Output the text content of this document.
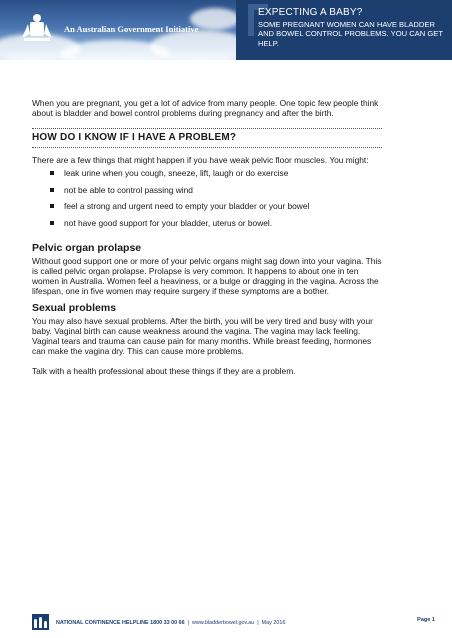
An Australian Government Initiative
EXPECTING A BABY?
SOME PREGNANT WOMEN CAN HAVE BLADDER AND BOWEL CONTROL PROBLEMS. YOU CAN GET HELP.

When you are pregnant, you get a lot of advice from many people. One topic few people think about is bladder and bowel control problems during pregnancy and after the birth.

HOW DO I KNOW IF I HAVE A PROBLEM?

There are a few things that might happen if you have weak pelvic floor muscles. You might:

leak urine when you cough, sneeze, lift, laugh or do exercise
not be able to control passing wind
feel a strong and urgent need to empty your bladder or your bowel
not have good support for your bladder, uterus or bowel.
Pelvic organ prolapse

Without good support one or more of your pelvic organs might sag down into your vagina. This is called pelvic organ prolapse. Prolapse is very common. It happens to about one in ten women in Australia. Women feel a heaviness, or a bulge or dragging in the vagina. Across the lifespan, one in five women may require surgery if these symptoms are a bother.

Sexual problems

You may also have sexual problems. After the birth, you will be very tired and busy with your baby. Vaginal birth can cause weakness around the vagina. The vagina may lack feeling. Vaginal tears and trauma can cause pain for many months. While breast feeding, hormones can make the vagina dry. This can cause more problems.

Talk with a health professional about these things if they are a problem.

NATIONAL CONTINENCE HELPLINE 1800 33 00 66 | www.bladderbowel.gov.au | May 2016	Page 1
